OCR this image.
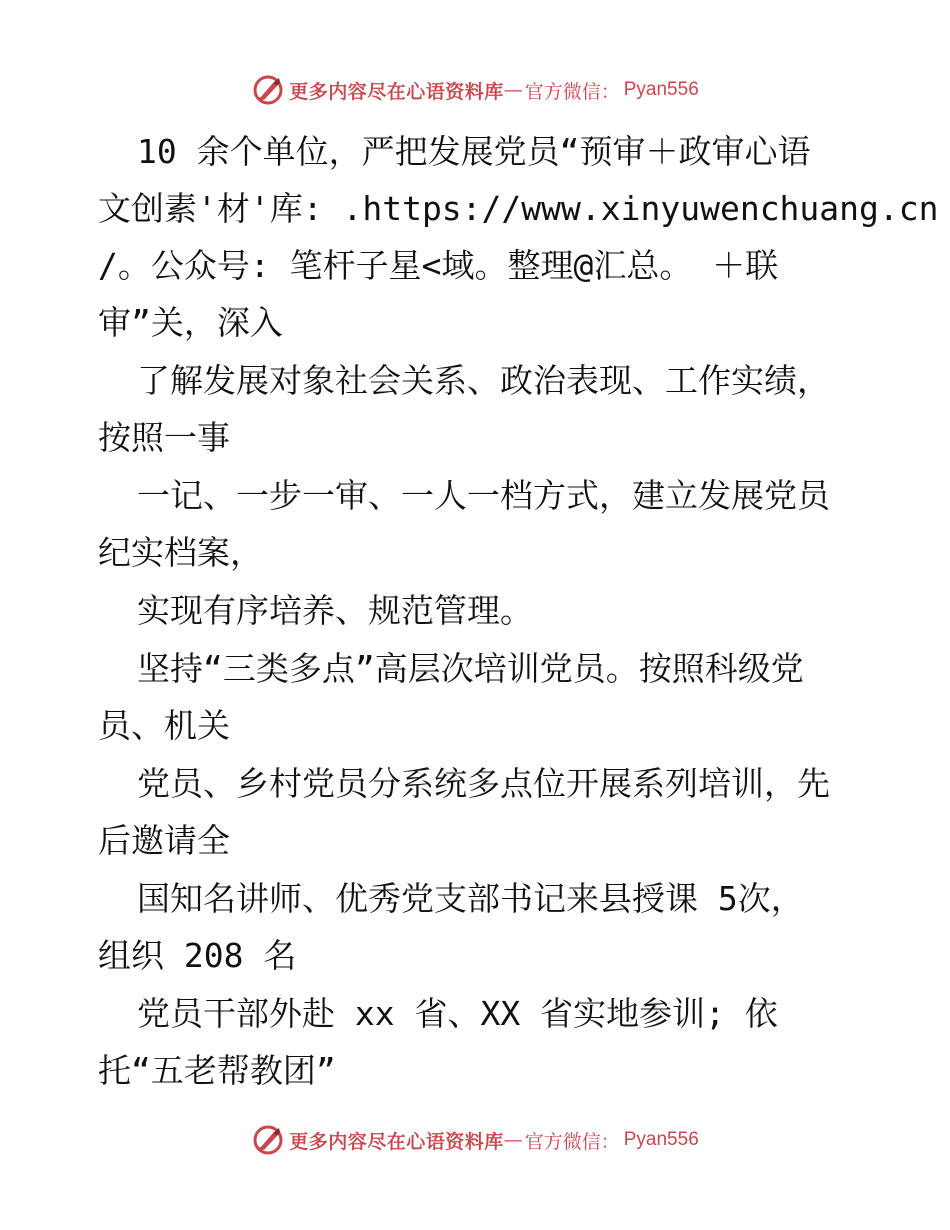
更多内容尽在心语资料库 — 官方微信： Pyan556
10 余个单位，严把发展党员“预审＋政审心语
文创素'材'库: .https://www.xinyuwenchuang.cn
/。公众号: 笔杆子星<域。整理@汇总。 ＋联
审”关，深入
了解发展对象社会关系、政治表现、工作实绩，
按照一事
一记、一步一审、一人一档方式，建立发展党员
纪实档案，
实现有序培养、规范管理。
坚持“三类多点”高层次培训党员。按照科级党
员、机关
党员、乡村党员分系统多点位开展系列培训，先
后邀请全
国知名讲师、优秀党支部书记来县授课 5次，
组织 208 名
党员干部外赴 xx 省、XX 省实地参训; 依
托“五老帮教团”
更多内容尽在心语资料库 — 官方微信： Pyan556
